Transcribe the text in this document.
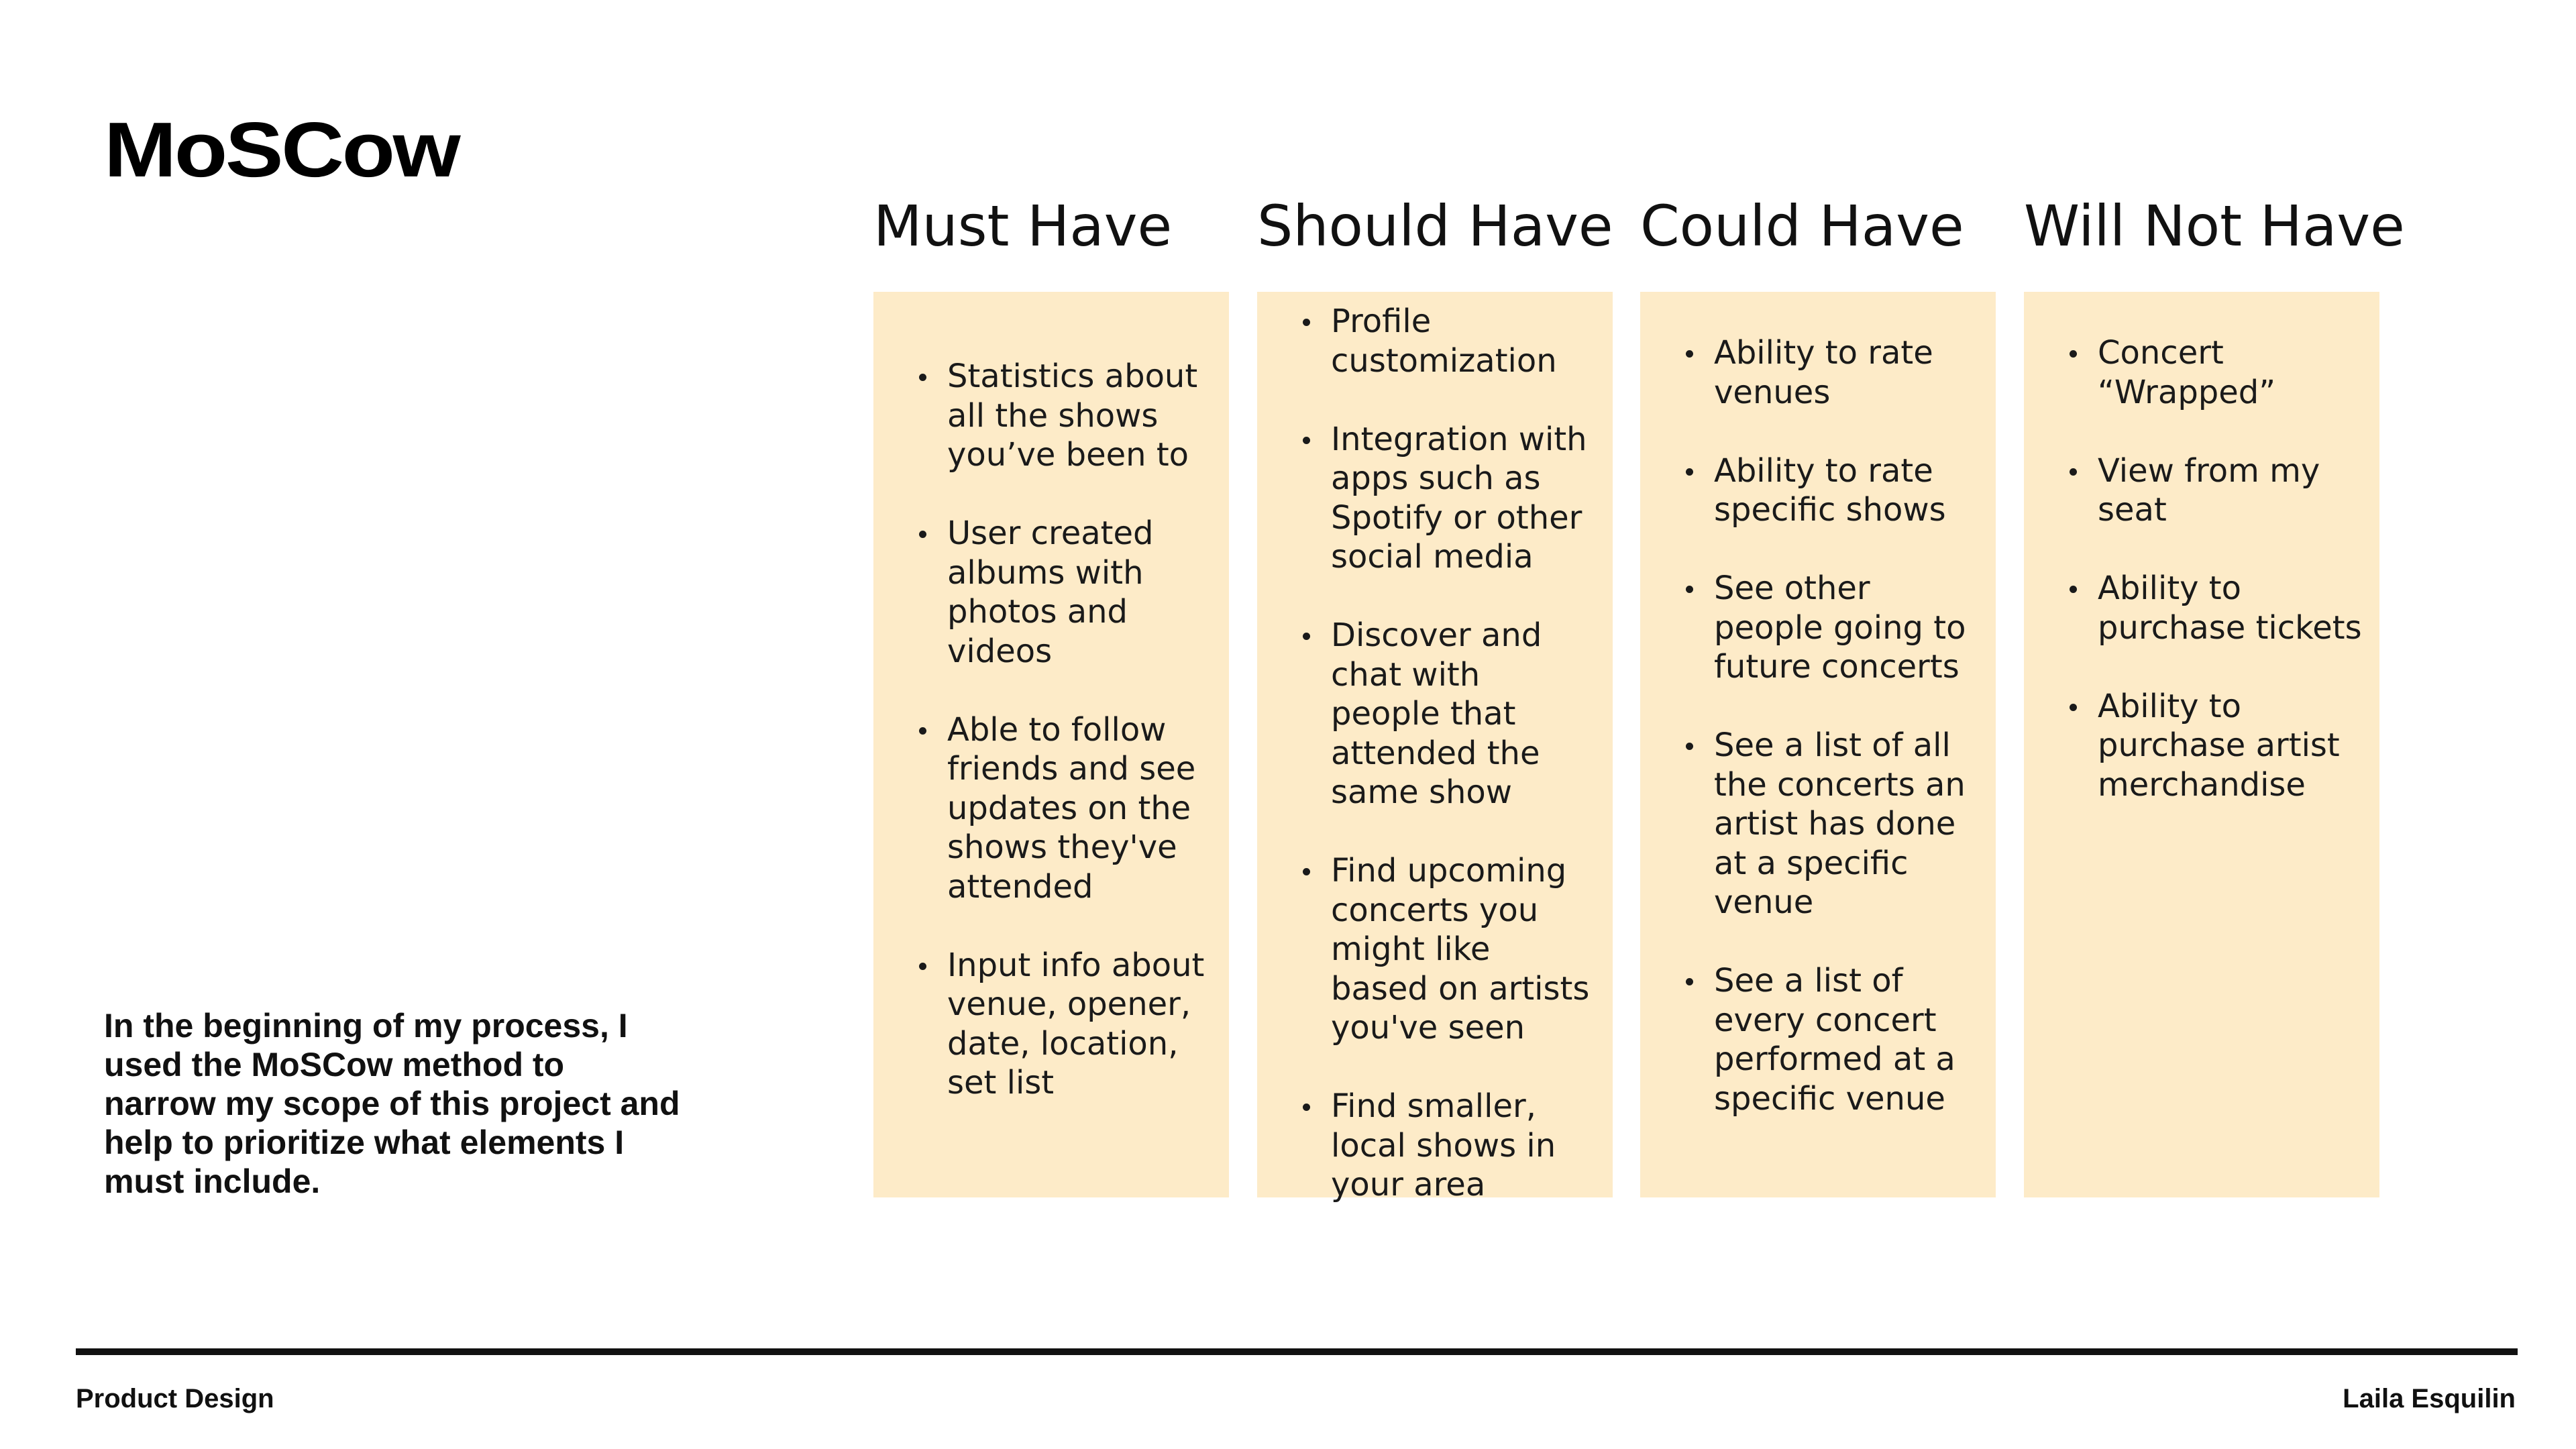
MoSCow
Must Have
Statistics about all the shows you’ve been to
User created albums with photos and videos
Able to follow friends and see updates on the shows they've attended
Input info about venue, opener, date, location, set list
Should Have
Profile customization
Integration with apps such as Spotify or other social media
Discover and chat with people that attended the same show
Find upcoming concerts you might like based on artists you've seen
Find smaller, local shows in your area
Could Have
Ability to rate venues
Ability to rate specific shows
See other people going to future concerts
See a list of all the concerts an artist has done at a specific venue
See a list of every concert performed at a specific venue
Will Not Have
Concert “Wrapped”
View from my seat
Ability to purchase tickets
Ability to purchase artist merchandise
In the beginning of my process, I used the MoSCow method to narrow my scope of this project and help to prioritize what elements I must include.
Product Design	Laila Esquilin
